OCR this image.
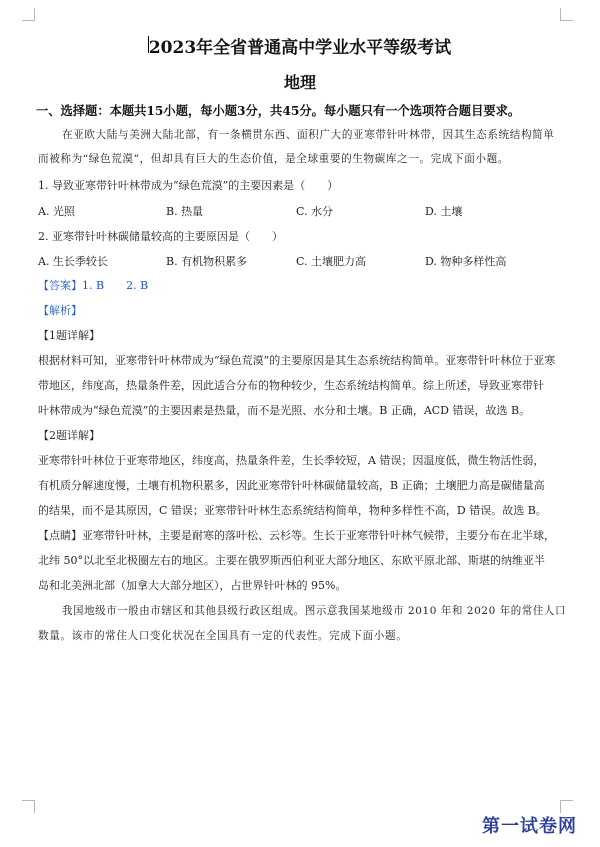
2023年全省普通高中学业水平等级考试
地理
一、选择题：本题共15小题，每小题3分，共45分。每小题只有一个选项符合题目要求。
在亚欧大陆与美洲大陆北部，有一条横贯东西、面积广大的亚寒带针叶林带，因其生态系统结构简单
而被称为“绿色荒漠”，但却具有巨大的生态价值，是全球重要的生物碳库之一。完成下面小题。
1. 导致亚寒带针叶林带成为“绿色荒漠”的主要因素是（　　）
A. 光照	B. 热量	C. 水分	D. 土壤
2. 亚寒带针叶林碳储量较高的主要原因是（　　）
A. 生长季较长	B. 有机物积累多	C. 土壤肥力高	D. 物种多样性高
【答案】1. B　　2. B
【解析】
【1题详解】
根据材料可知，亚寒带针叶林带成为“绿色荒漠”的主要原因是其生态系统结构简单。亚寒带针叶林位于亚寒
带地区，纬度高，热量条件差，因此适合分布的物种较少，生态系统结构简单。综上所述，导致亚寒带针
叶林带成为“绿色荒漠”的主要因素是热量，而不是光照、水分和土壤。B 正确，ACD 错误，故选 B。
【2题详解】
亚寒带针叶林位于亚寒带地区，纬度高，热量条件差，生长季较短，A 错误；因温度低，微生物活性弱，
有机质分解速度慢，土壤有机物积累多，因此亚寒带针叶林碳储量较高，B 正确；土壤肥力高是碳储量高
的结果，而不是其原因，C 错误；亚寒带针叶林生态系统结构简单，物种多样性不高，D 错误。故选 B。
【点睛】亚寒带针叶林，主要是耐寒的落叶松、云杉等。生长于亚寒带针叶林气候带，主要分布在北半球，
北纬 50°以北至北极圈左右的地区。主要在俄罗斯西伯利亚大部分地区、东欧平原北部、斯堪的纳维亚半
岛和北美洲北部（加拿大大部分地区），占世界针叶林的 95%。
我国地级市一般由市辖区和其他县级行政区组成。图示意我国某地级市 2010 年和 2020 年的常住人口
数量。该市的常住人口变化状况在全国具有一定的代表性。完成下面小题。
第一试卷网
